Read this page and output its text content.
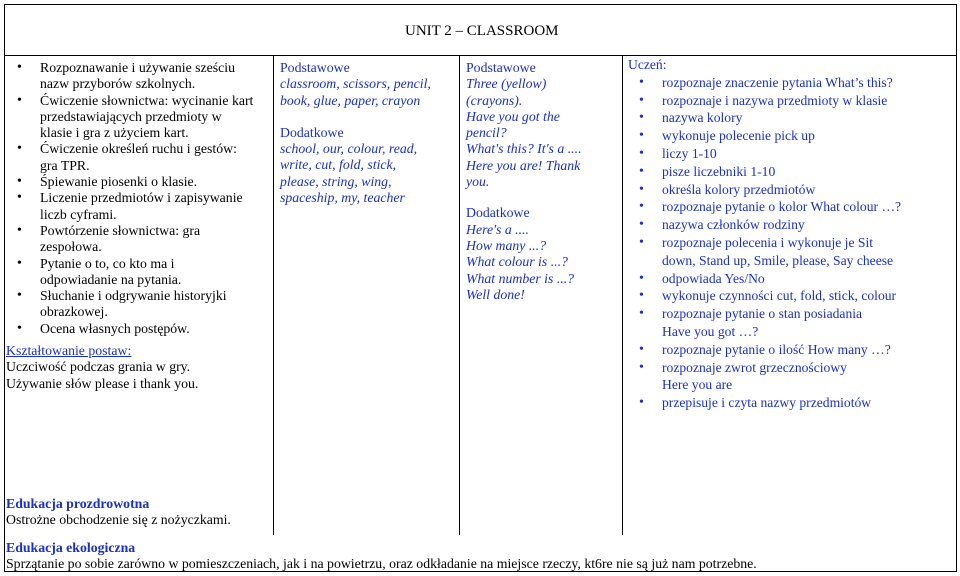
UNIT 2 – CLASSROOM
• Rozpoznawanie i używanie sześciu nazw przyborów szkolnych.
• Ćwiczenie słownictwa: wycinanie kart przedstawiających przedmioty w klasie i gra z użyciem kart.
• Ćwiczenie określeń ruchu i gestów: gra TPR.
• Śpiewanie piosenki o klasie.
• Liczenie przedmiotów i zapisywanie liczb cyframi.
• Powtórzenie słownictwa: gra zespołowa.
• Pytanie o to, co kto ma i odpowiadanie na pytania.
• Słuchanie i odgrywanie historyjki obrazkowej.
• Ocena własnych postępów.
Kształtowanie postaw:
Uczciwość podczas grania w gry.
Używanie słów please i thank you.
Edukacja prozdrowotna
Ostrożne obchodzenie się z nożyczkami.
Edukacja ekologiczna
Sprzątanie po sobie zarówno w pomieszczeniach, jak i na powietrzu, oraz odkładanie na miejsce rzeczy, kt6re nie są już nam potrzebne.
Podstawowe
classroom, scissors, pencil,
book, glue, paper, crayon
Dodatkowe
school, our, colour, read,
write, cut, fold, stick,
please, string, wing,
spaceship, my, teacher
Podstawowe
Three (yellow)
(crayons).
Have you got the
pencil?
What's this? It's a ....
Here you are! Thank
you.
Dodatkowe
Here's a ....
How many ...?
What colour is ...?
What number is ...?
Well done!
Uczeń:
• rozpoznaje znaczenie pytania What’s this?
• rozpoznaje i nazywa przedmioty w klasie
• nazywa kolory
• wykonuje polecenie pick up
• liczy 1-10
• pisze liczebniki 1-10
• określa kolory przedmiotów
• rozpoznaje pytanie o kolor What colour …?
• nazywa członków rodziny
• rozpoznaje polecenia i wykonuje je Sit
down, Stand up, Smile, please, Say cheese
• odpowiada Yes/No
• wykonuje czynności cut, fold, stick, colour
• rozpoznaje pytanie o stan posiadania
Have you got …?
• rozpoznaje pytanie o ilość How many …?
• rozpoznaje zwrot grzecznościowy
Here you are
• przepisuje i czyta nazwy przedmiotów
